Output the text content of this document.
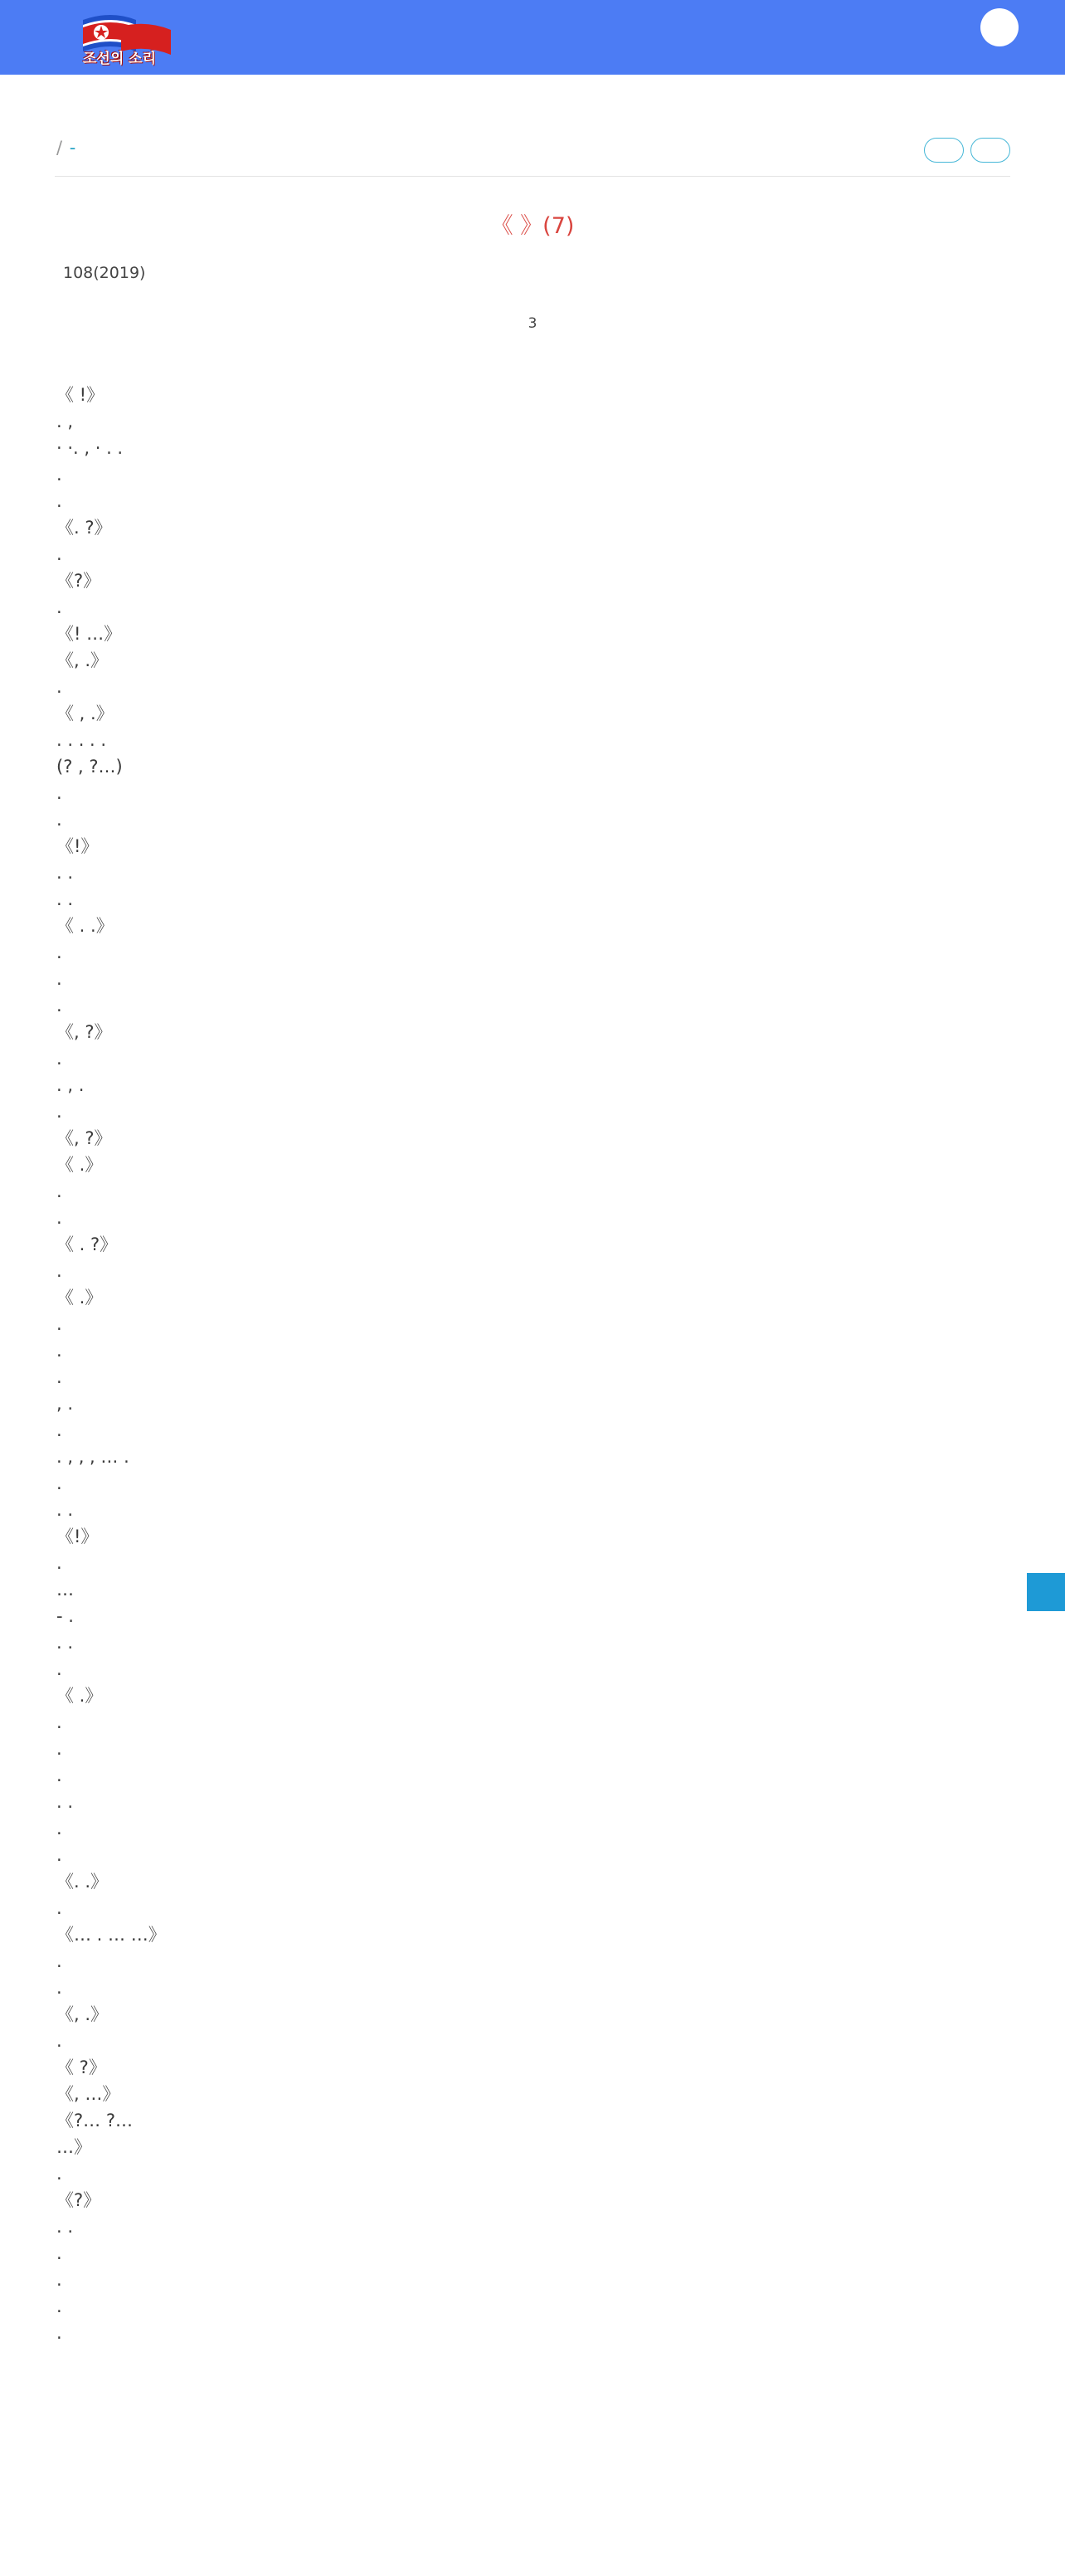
조선의 소리
/ -
《 》(7)
108(2019)
3

《 !》

. ,

· ·. , · . .

.

.

《. ?》

.

《?》

.

《! …》

《, .》

.

《 , .》

. . . . .

(? , ?…)

.

.

《!》

. .

. .

《 . .》

.

.

.

《, ?》

.

. , .

.

《, ?》

《 .》

.

.

《 . ?》

.

《 .》

.

.

.

, .

.

. , , , … .

.

. .

《!》

.

…

- .

. .

.

《 .》

.

.

.

. .

.

.

《. .》

.

《… . … …》

.

.

《, .》

.

《 ?》

《, …》

《?… ?…

…》

.

《?》

. .

.

.

.

.
